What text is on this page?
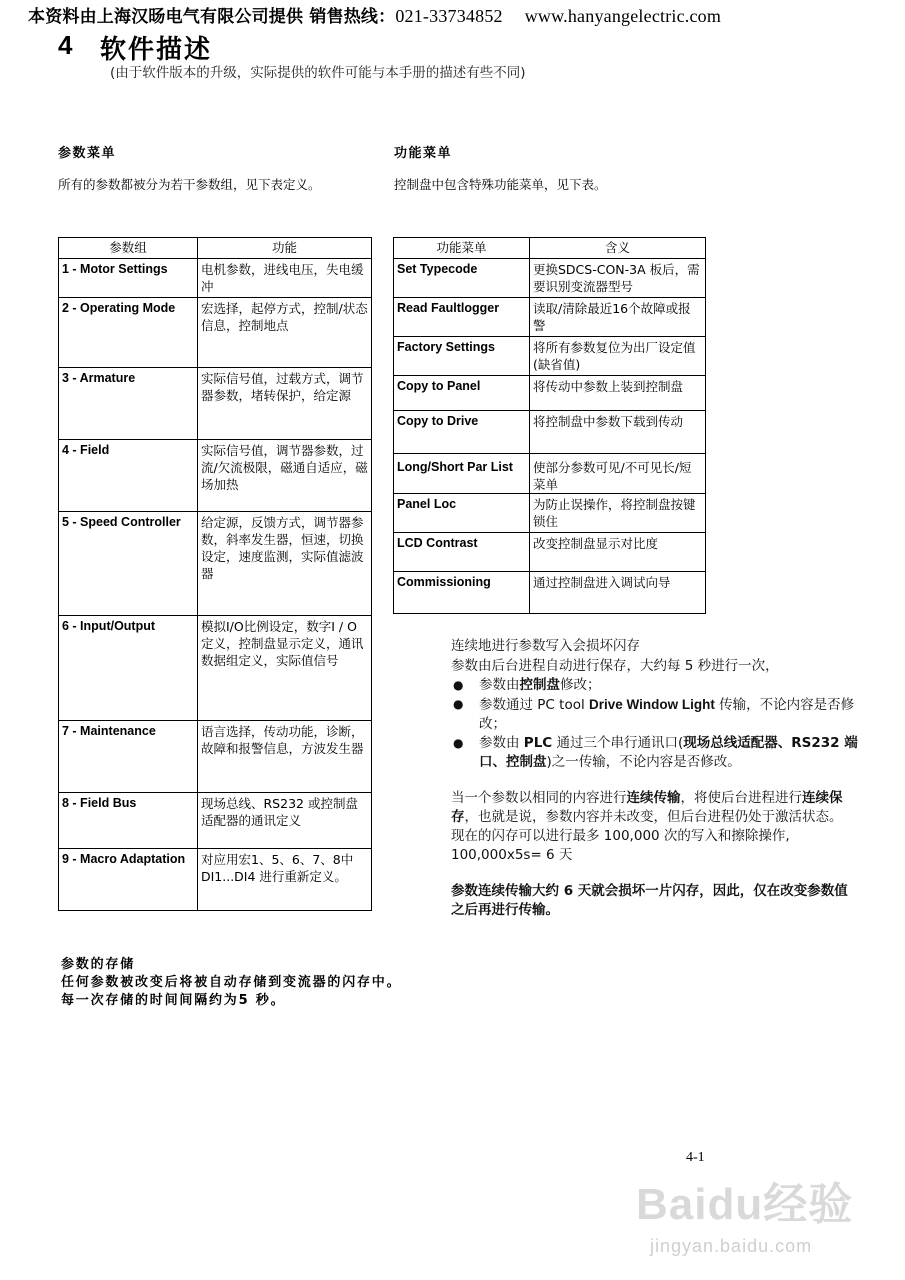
本资料由上海汉旸电气有限公司提供 销售热线：021-33734852 www.hanyangelectric.com
4 软件描述
(由于软件版本的升级，实际提供的软件可能与本手册的描述有些不同)
参数菜单
所有的参数都被分为若干参数组，见下表定义。
功能菜单
控制盘中包含特殊功能菜单，见下表。
参数组	功能
1 - Motor Settings	电机参数，进线电压，失电缓冲
2 - Operating Mode	宏选择，起停方式，控制/状态信息，控制地点
3 - Armature	实际信号值，过载方式，调节器参数，堵转保护，给定源
4 - Field	实际信号值，调节器参数，过流/欠流极限，磁通自适应，磁场加热
5 - Speed Controller	给定源，反馈方式，调节器参数，斜率发生器，恒速，切换设定，速度监测，实际值滤波器
6 - Input/Output	模拟I/O比例设定，数字I / O定义，控制盘显示定义，通讯数据组定义，实际值信号
7 - Maintenance	语言选择，传动功能，诊断，故障和报警信息，方波发生器
8 - Field Bus	现场总线、RS232 或控制盘适配器的通讯定义
9 - Macro Adaptation	对应用宏1、5、6、7、8中DI1...DI4 进行重新定义。
功能菜单	含义
Set Typecode	更换SDCS-CON-3A 板后，需要识别变流器型号
Read Faultlogger	读取/清除最近16个故障或报警
Factory Settings	将所有参数复位为出厂设定值(缺省值)
Copy to Panel	将传动中参数上装到控制盘
Copy to Drive	将控制盘中参数下载到传动
Long/Short Par List	使部分参数可见/不可见长/短菜单
Panel Loc	为防止误操作，将控制盘按键锁住
LCD Contrast	改变控制盘显示对比度
Commissioning	通过控制盘进入调试向导
连续地进行参数写入会损坏闪存
参数由后台进程自动进行保存，大约每 5 秒进行一次，
● 参数由控制盘修改；
● 参数通过 PC tool Drive Window Light 传输，不论内容是否修改；
● 参数由 PLC 通过三个串行通讯口(现场总线适配器、RS232 端口、控制盘)之一传输，不论内容是否修改。
当一个参数以相同的内容进行连续传输，将使后台进程进行连续保存，也就是说，参数内容并未改变，但后台进程仍处于激活状态。
现在的闪存可以进行最多 100,000 次的写入和擦除操作,
100,000x5s= 6 天
参数连续传输大约 6 天就会损坏一片闪存，因此，仅在改变参数值之后再进行传输。
参数的存储
任何参数被改变后将被自动存储到变流器的闪存中。
每一次存储的时间间隔约为5 秒。
4-1
Baidu经验
jingyan.baidu.com
